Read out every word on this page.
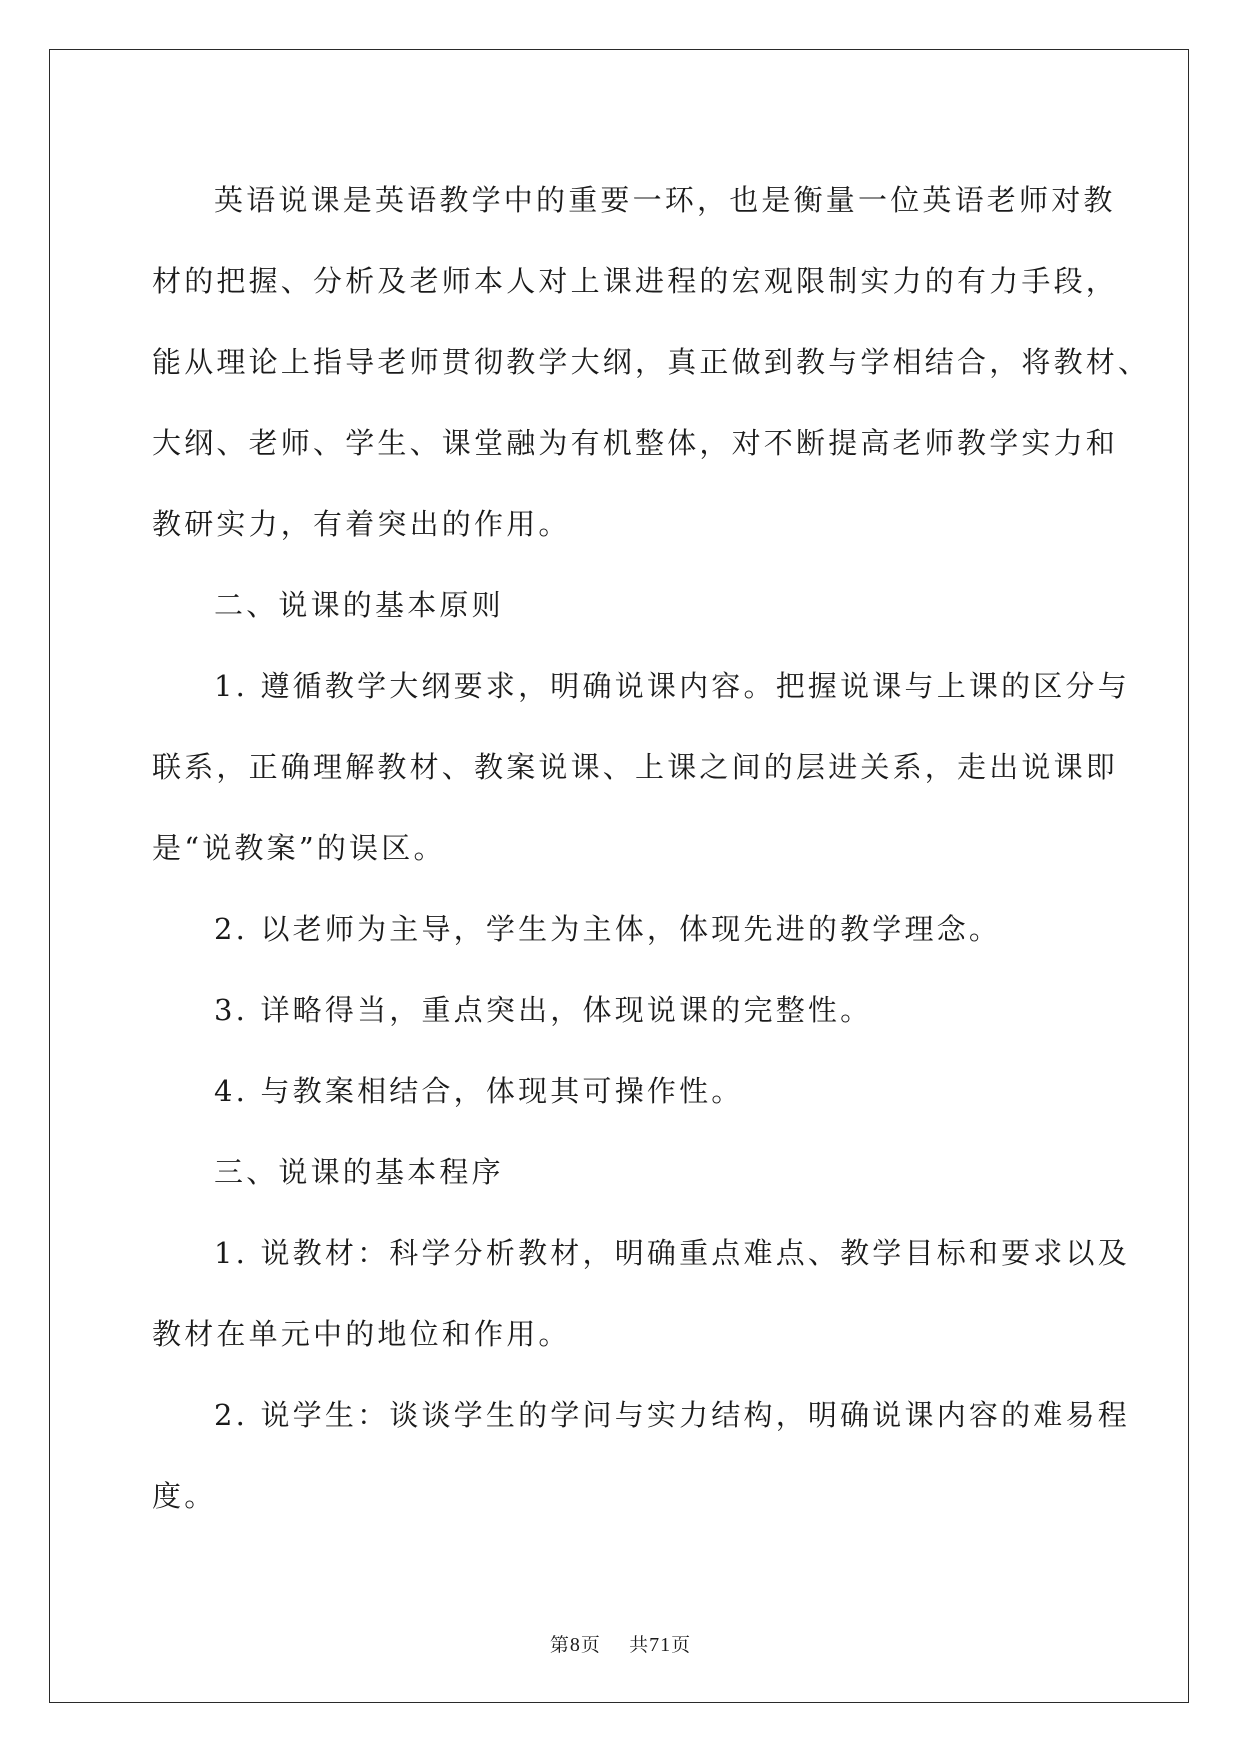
英语说课是英语教学中的重要一环，也是衡量一位英语老师对教
材的把握、分析及老师本人对上课进程的宏观限制实力的有力手段，
能从理论上指导老师贯彻教学大纲，真正做到教与学相结合，将教材、
大纲、老师、学生、课堂融为有机整体，对不断提高老师教学实力和
教研实力，有着突出的作用。

二、说课的基本原则

1. 遵循教学大纲要求，明确说课内容。把握说课与上课的区分与
联系，正确理解教材、教案说课、上课之间的层进关系，走出说课即
是“说教案”的误区。

2. 以老师为主导，学生为主体，体现先进的教学理念。

3. 详略得当，重点突出，体现说课的完整性。

4. 与教案相结合，体现其可操作性。

三、说课的基本程序

1. 说教材：科学分析教材，明确重点难点、教学目标和要求以及
教材在单元中的地位和作用。

2. 说学生：谈谈学生的学问与实力结构，明确说课内容的难易程
度。

第8页 共71页
